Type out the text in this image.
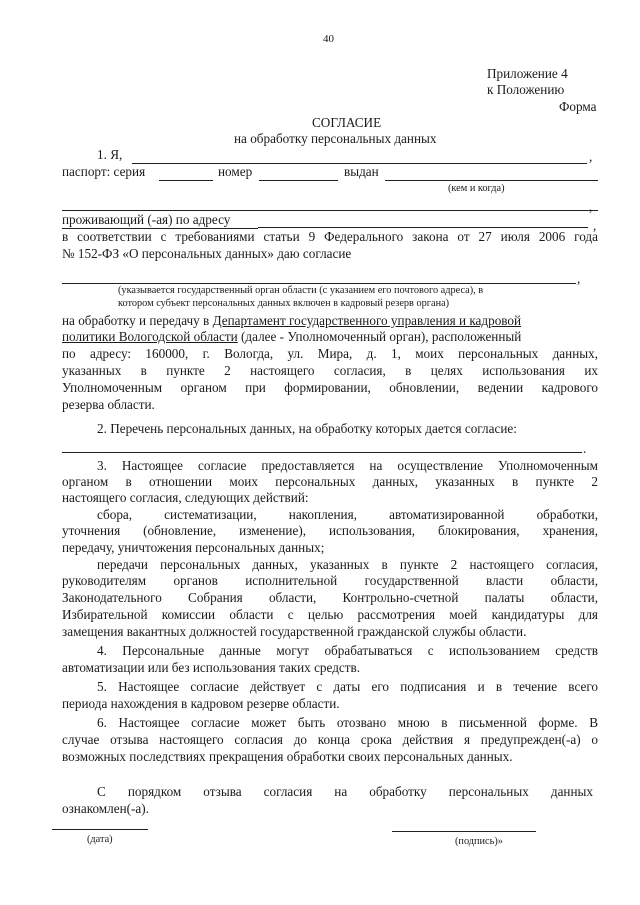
40
Приложение 4
к Положению
Форма
СОГЛАСИЕ
на обработку персональных данных
1. Я,	,
паспорт: серия	номер	выдан
(кем и когда)
проживающий (-ая) по адресу
,
,
в соответствии с требованиями статьи 9 Федерального закона от 27 июля 2006 года
№ 152-ФЗ «О персональных данных» даю согласие
,
(указывается государственный орган области (с указанием его почтового адреса), в
котором субъект персональных данных включен в кадровый резерв органа)
на обработку и передачу в Департамент государственного управления и кадровой
политики Вологодской области (далее - Уполномоченный орган), расположенный
по адресу: 160000, г. Вологда, ул. Мира, д. 1, моих персональных данных,
указанных в пункте 2 настоящего согласия, в целях использования их
Уполномоченным органом при формировании, обновлении, ведении кадрового
резерва области.
2. Перечень персональных данных, на обработку которых дается согласие:
.
3. Настоящее согласие предоставляется на осуществление Уполномоченным
органом в отношении моих персональных данных, указанных в пункте 2
настоящего согласия, следующих действий:
сбора, систематизации, накопления, автоматизированной обработки,
уточнения (обновление, изменение), использования, блокирования, хранения,
передачу, уничтожения персональных данных;
передачи персональных данных, указанных в пункте 2 настоящего согласия,
руководителям органов исполнительной государственной власти области,
Законодательного Собрания области, Контрольно-счетной палаты области,
Избирательной комиссии области с целью рассмотрения моей кандидатуры для
замещения вакантных должностей государственной гражданской службы области.
4. Персональные данные могут обрабатываться с использованием средств
автоматизации или без использования таких средств.
5. Настоящее согласие действует с даты его подписания и в течение всего
периода нахождения в кадровом резерве области.
6. Настоящее согласие может быть отозвано мною в письменной форме. В
случае отзыва настоящего согласия до конца срока действия я предупрежден(-а) о
возможных последствиях прекращения обработки своих персональных данных.
С порядком отзыва согласия на обработку персональных данных
ознакомлен(-а).
(дата)	(подпись)»
